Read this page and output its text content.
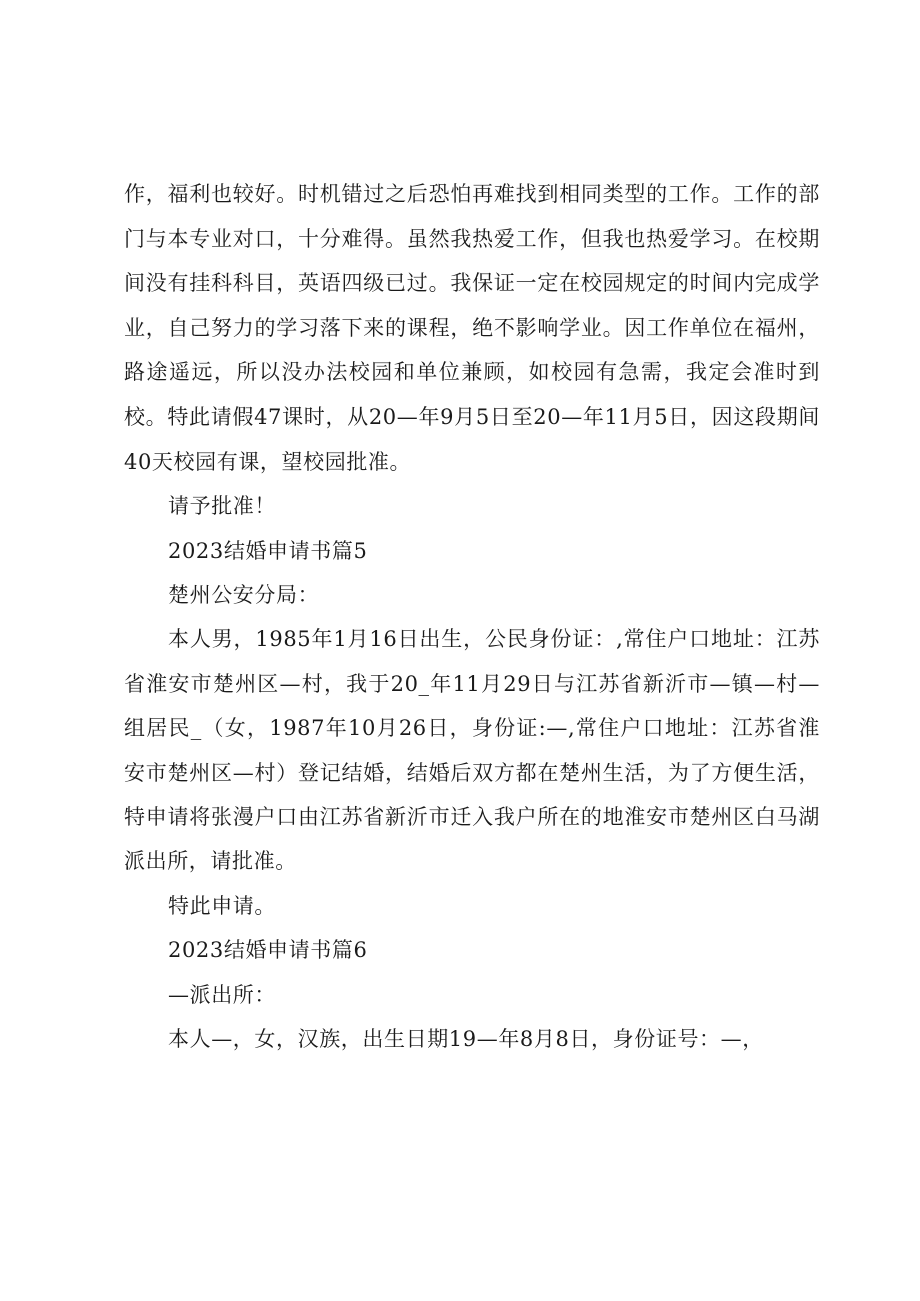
作，福利也较好。时机错过之后恐怕再难找到相同类型的工作。工作的部门与本专业对口，十分难得。虽然我热爱工作，但我也热爱学习。在校期间没有挂科科目，英语四级已过。我保证一定在校园规定的时间内完成学业，自己努力的学习落下来的课程，绝不影响学业。因工作单位在福州，路途遥远，所以没办法校园和单位兼顾，如校园有急需，我定会准时到校。特此请假47课时，从20—年9月5日至20—年11月5日，因这段期间40天校园有课，望校园批准。

请予批准！

2023结婚申请书篇5

楚州公安分局：

本人男，1985年1月16日出生，公民身份证：,常住户口地址：江苏省淮安市楚州区—村，我于20_年11月29日与江苏省新沂市—镇—村—组居民_（女，1987年10月26日，身份证:—,常住户口地址：江苏省淮安市楚州区—村）登记结婚，结婚后双方都在楚州生活，为了方便生活，特申请将张漫户口由江苏省新沂市迁入我户所在的地淮安市楚州区白马湖派出所，请批准。

特此申请。

2023结婚申请书篇6

—派出所：

本人—，女，汉族，出生日期19—年8月8日，身份证号：—，
